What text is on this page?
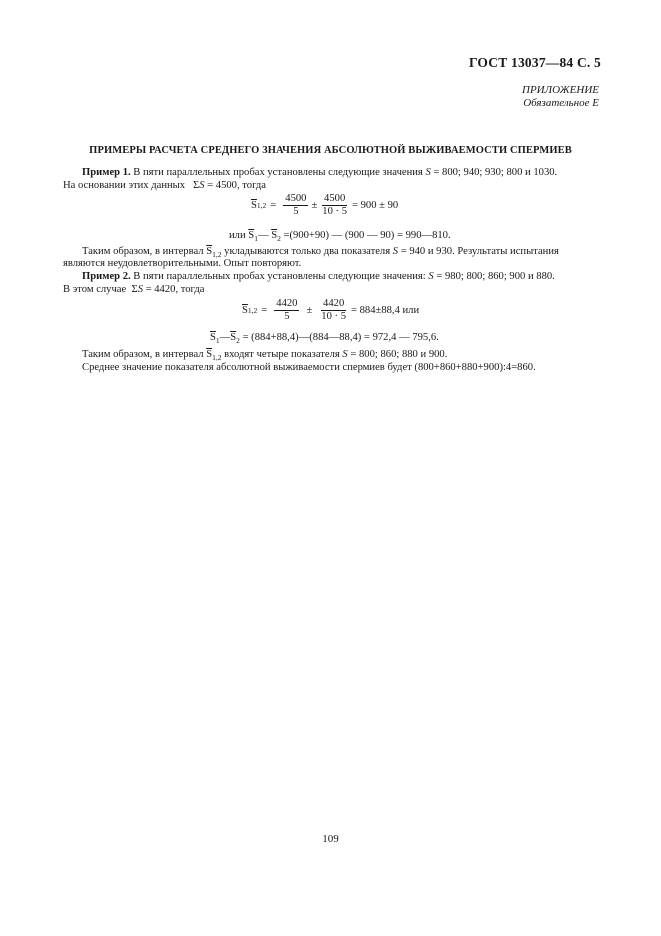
ГОСТ 13037—84 С. 5
ПРИЛОЖЕНИЕ
Обязательное Е
ПРИМЕРЫ РАСЧЕТА СРЕДНЕГО ЗНАЧЕНИЯ АБСОЛЮТНОЙ ВЫЖИВАЕМОСТИ СПЕРМИЕВ
Пример 1. В пяти параллельных пробах установлены следующие значения S = 800; 940; 930; 800 и 1030.
На основании этих данных ΣS = 4500, тогда
$\overline{S}$ $1,2 = \frac{4500}{5} \pm \frac{4500}{10 \cdot 5} = 900 \pm 90$
или $\overline{S}_1—$ $\overline{S}_2 =(900+90)$ — (900 — 90) = 990—810.
Таким образом, в интервал $\overline{S}_{1,2}$ укладываются только два показателя S = 940 и 930. Результаты испытания
являются неудовлетворительными. Опыт повторяют.
Пример 2. В пяти параллельных пробах установлены следующие значения: S = 980; 800; 860; 900 и 880.
В этом случае ΣS = 4420, тогда
$\overline{S}$ $1,2 = \frac{4420}{5} \pm \frac{4420}{10 \cdot 5} = 884\pm 88,4$ или
$\overline{S}_1—\overline{S}_2$ = (884+88,4)—(884—88,4) = 972,4 — 795,6.
Таким образом, в интервал $\overline{S}_{1,2}$ входят четыре показателя S = 800; 860; 880 и 900.
Среднее значение показателя абсолютной выживаемости спермиев будет (800+860+880+900):4=860.
109
